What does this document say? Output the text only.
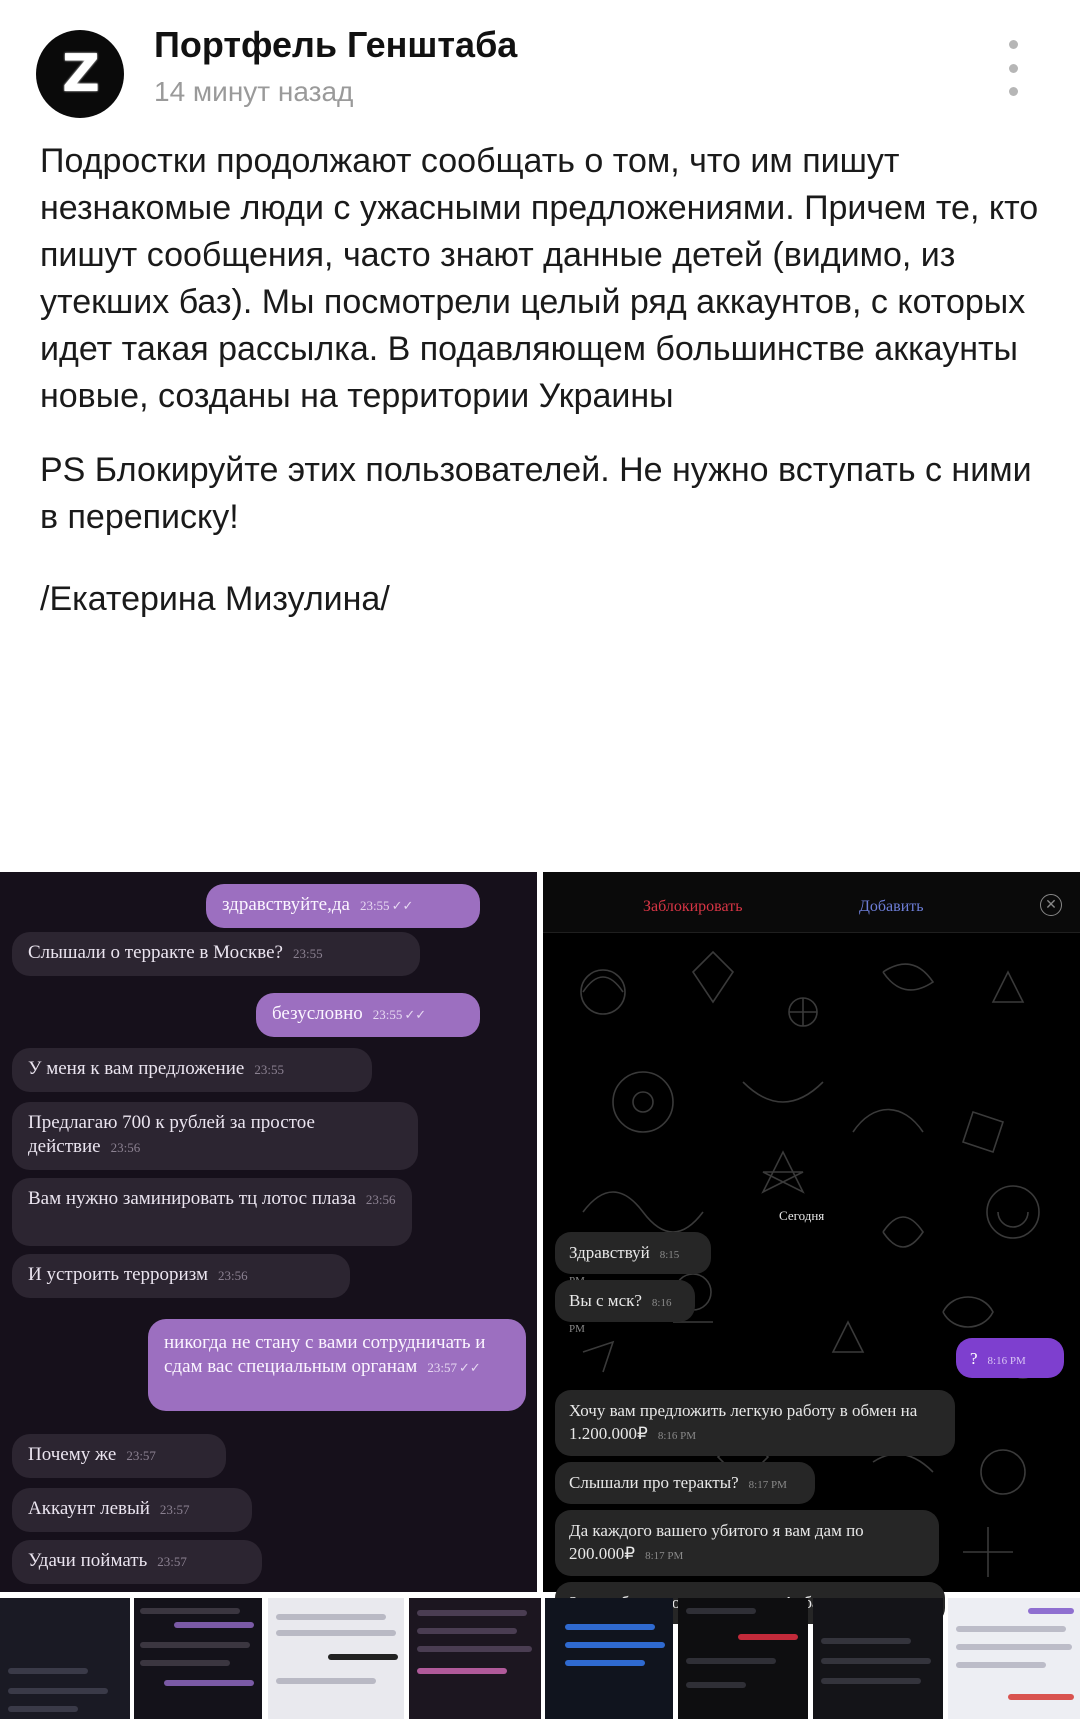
Z Портфель Генштаба
14 минут назад

Подростки продолжают сообщать о том, что им пишут незнакомые люди с ужасными предложениями. Причем те, кто пишут сообщения, часто знают данные детей (видимо, из утекших баз). Мы посмотрели целый ряд аккаунтов, с которых идет такая рассылка. В подавляющем большинстве аккаунты новые, созданы на территории Украины

PS Блокируйте этих пользователей. Не нужно вступать с ними в переписку!

/Екатерина Мизулина/

здравствуйте,да 23:55 ✓✓
Слышали о терракте в Москве? 23:55
безусловно 23:55 ✓✓
У меня к вам предложение 23:55
Предлагаю 700 к рублей за простое действие 23:56
Вам нужно заминировать тц лотос плаза 23:56
И устроить терроризм 23:56
никогда не стану с вами сотрудничать и сдам вас специальным органам 23:57 ✓✓
Почему же 23:57
Аккаунт левый 23:57
Удачи поймать 23:57
Заблокировать	Добавить	✕
Сегодня
Здравствуй 8:15
Вы с мск? 8:16 PM
? 8:16 PM
Хочу вам предложить легкую работу в обмен на 1.200.000₽ 8:16 PM
Слышали про теракты? 8:17 PM
Да каждого вашего убитого я вам дам по 200.000₽ 8:17 PM
